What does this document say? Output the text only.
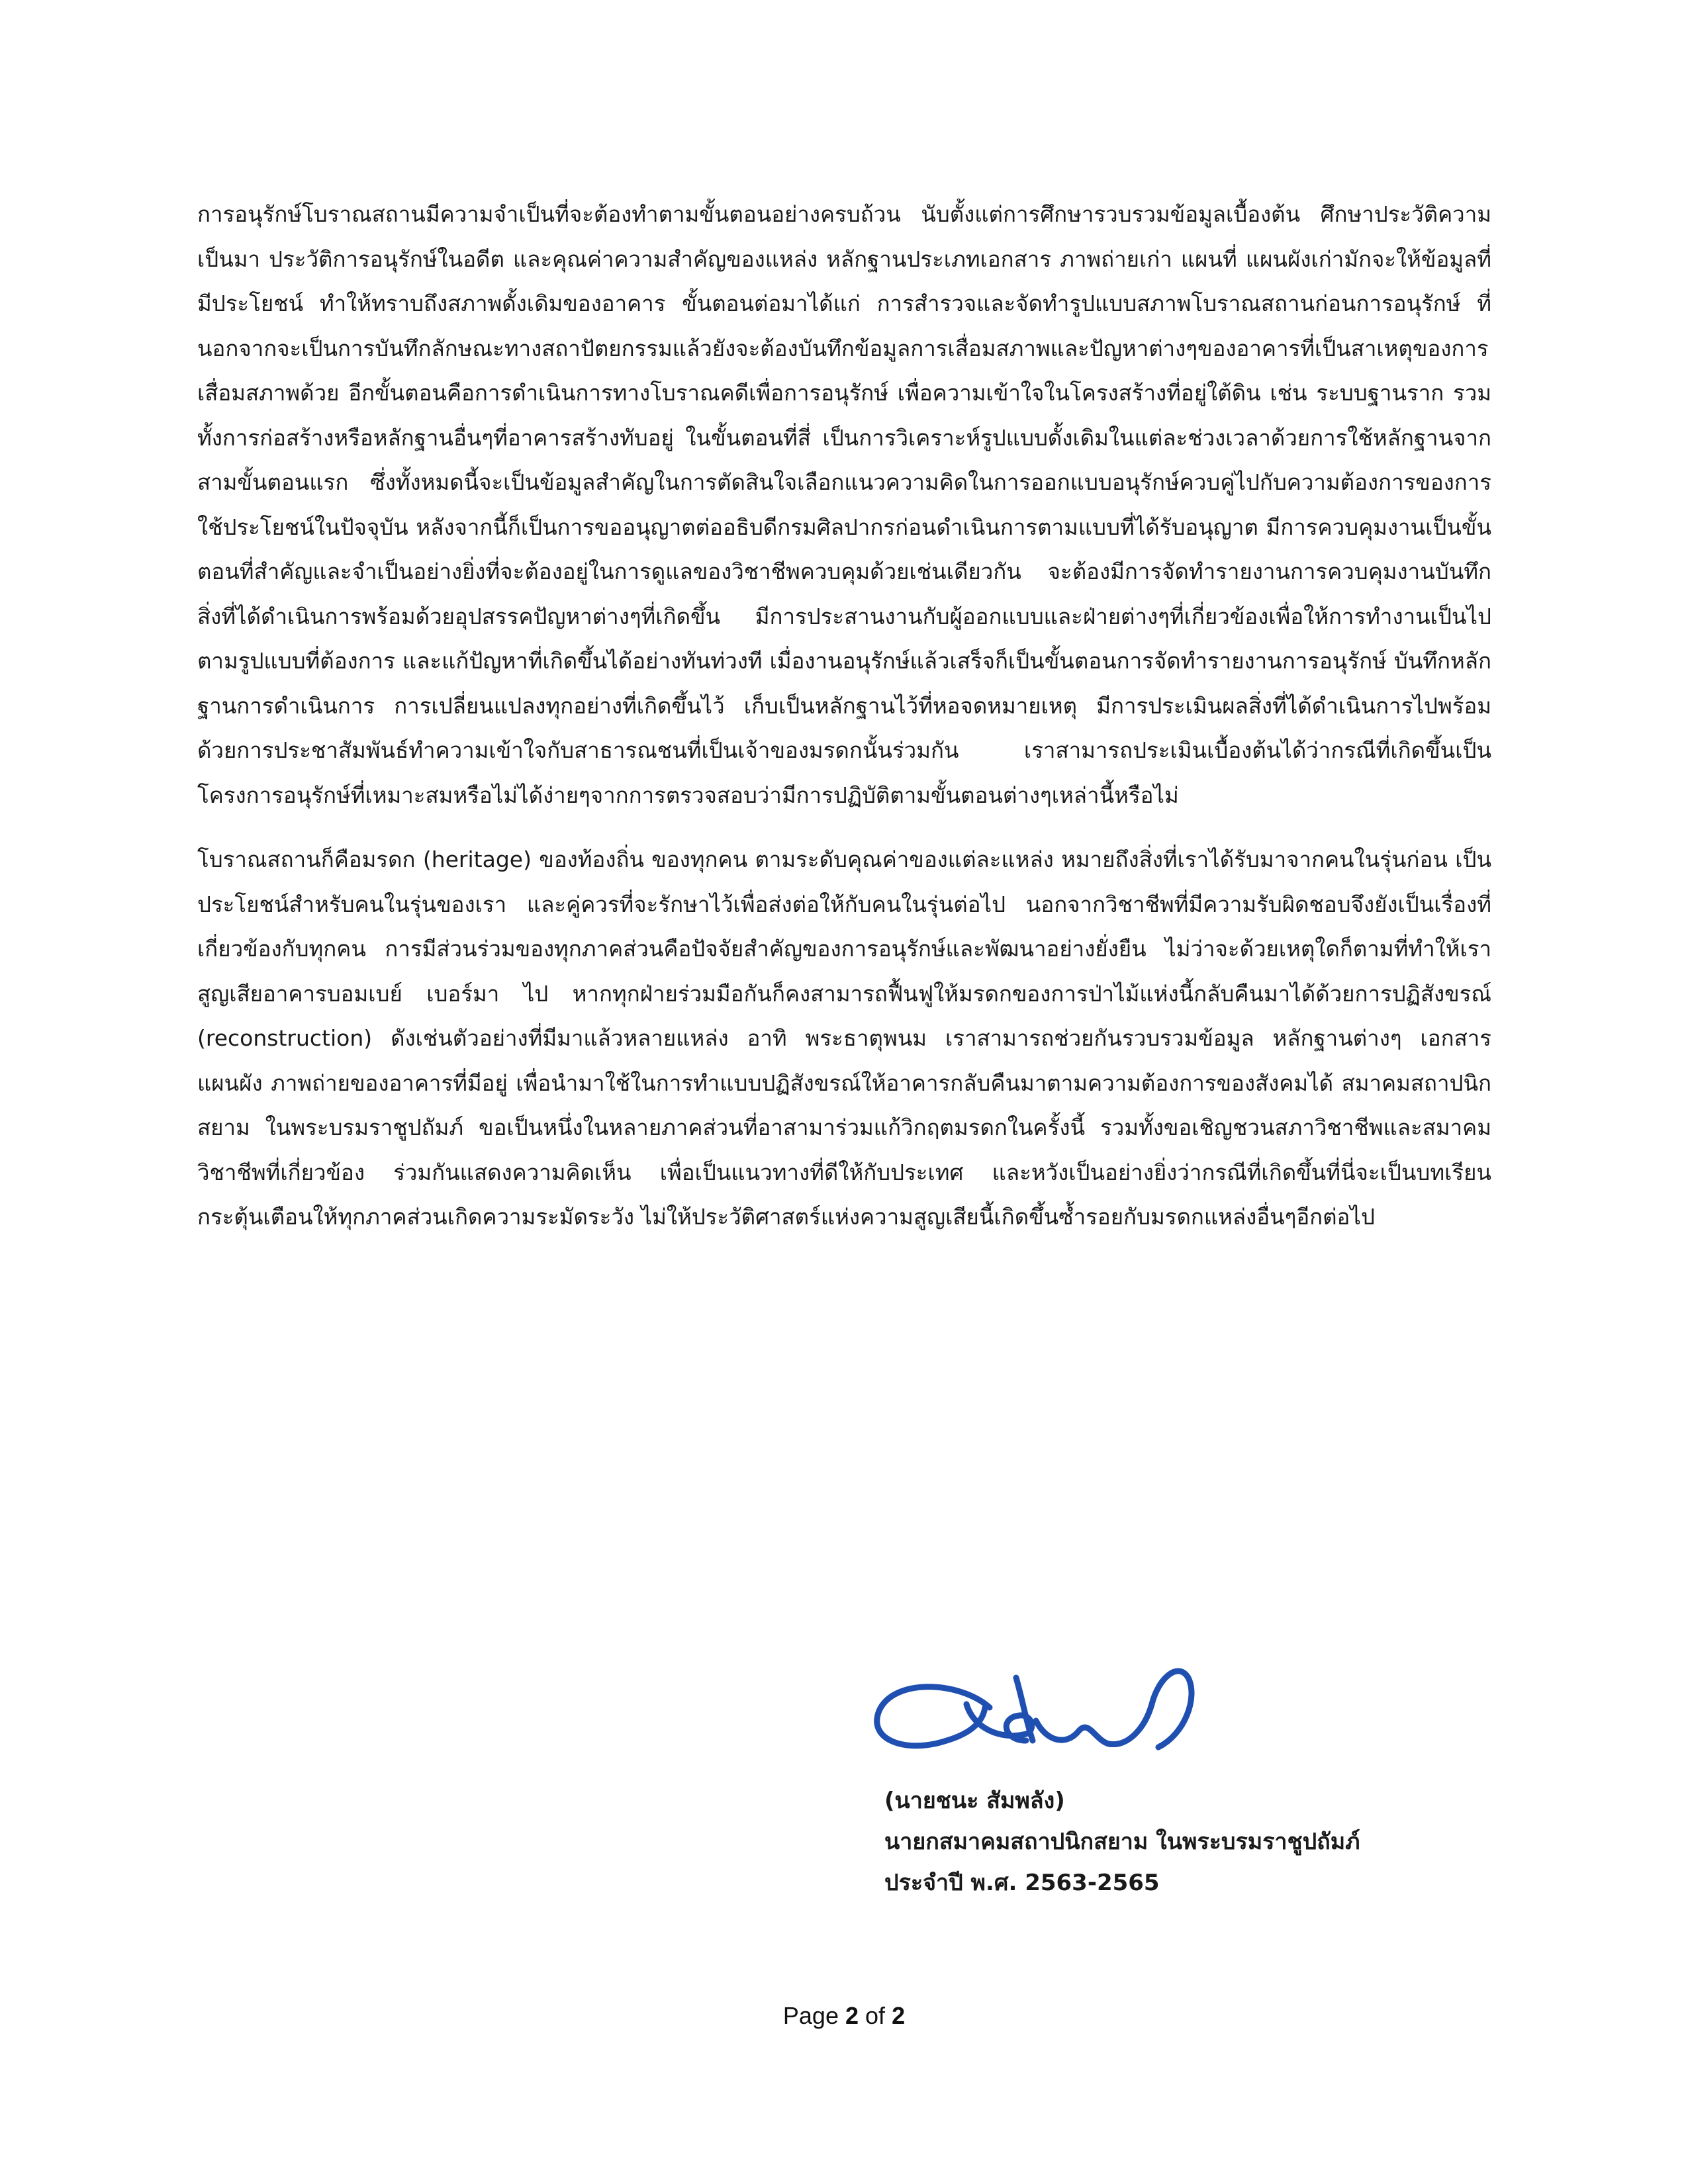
การอนุรักษ์โบราณสถานมีความจำเป็นที่จะต้องทำตามขั้นตอนอย่างครบถ้วน นับตั้งแต่การศึกษารวบรวมข้อมูลเบื้องต้น ศึกษาประวัติความเป็นมา ประวัติการอนุรักษ์ในอดีต และคุณค่าความสำคัญของแหล่ง หลักฐานประเภทเอกสาร ภาพถ่ายเก่า แผนที่ แผนผังเก่ามักจะให้ข้อมูลที่มีประโยชน์ ทำให้ทราบถึงสภาพดั้งเดิมของอาคาร ขั้นตอนต่อมาได้แก่ การสำรวจและจัดทำรูปแบบสภาพโบราณสถานก่อนการอนุรักษ์ ที่นอกจากจะเป็นการบันทึกลักษณะทางสถาปัตยกรรมแล้วยังจะต้องบันทึกข้อมูลการเสื่อมสภาพและปัญหาต่างๆของอาคารที่เป็นสาเหตุของการเสื่อมสภาพด้วย อีกขั้นตอนคือการดำเนินการทางโบราณคดีเพื่อการอนุรักษ์ เพื่อความเข้าใจในโครงสร้างที่อยู่ใต้ดิน เช่น ระบบฐานราก รวมทั้งการก่อสร้างหรือหลักฐานอื่นๆที่อาคารสร้างทับอยู่ ในขั้นตอนที่สี่ เป็นการวิเคราะห์รูปแบบดั้งเดิมในแต่ละช่วงเวลาด้วยการใช้หลักฐานจากสามขั้นตอนแรก ซึ่งทั้งหมดนี้จะเป็นข้อมูลสำคัญในการตัดสินใจเลือกแนวความคิดในการออกแบบอนุรักษ์ควบคู่ไปกับความต้องการของการใช้ประโยชน์ในปัจจุบัน หลังจากนี้ก็เป็นการขออนุญาตต่ออธิบดีกรมศิลปากรก่อนดำเนินการตามแบบที่ได้รับอนุญาต มีการควบคุมงานเป็นขั้นตอนที่สำคัญและจำเป็นอย่างยิ่งที่จะต้องอยู่ในการดูแลของวิชาชีพควบคุมด้วยเช่นเดียวกัน จะต้องมีการจัดทำรายงานการควบคุมงานบันทึกสิ่งที่ได้ดำเนินการพร้อมด้วยอุปสรรคปัญหาต่างๆที่เกิดขึ้น มีการประสานงานกับผู้ออกแบบและฝ่ายต่างๆที่เกี่ยวข้องเพื่อให้การทำงานเป็นไปตามรูปแบบที่ต้องการ และแก้ปัญหาที่เกิดขึ้นได้อย่างทันท่วงที เมื่องานอนุรักษ์แล้วเสร็จก็เป็นขั้นตอนการจัดทำรายงานการอนุรักษ์ บันทึกหลักฐานการดำเนินการ การเปลี่ยนแปลงทุกอย่างที่เกิดขึ้นไว้ เก็บเป็นหลักฐานไว้ที่หอจดหมายเหตุ มีการประเมินผลสิ่งที่ได้ดำเนินการไปพร้อมด้วยการประชาสัมพันธ์ทำความเข้าใจกับสาธารณชนที่เป็นเจ้าของมรดกนั้นร่วมกัน เราสามารถประเมินเบื้องต้นได้ว่ากรณีที่เกิดขึ้นเป็นโครงการอนุรักษ์ที่เหมาะสมหรือไม่ได้ง่ายๆจากการตรวจสอบว่ามีการปฏิบัติตามขั้นตอนต่างๆเหล่านี้หรือไม่

โบราณสถานก็คือมรดก (heritage) ของท้องถิ่น ของทุกคน ตามระดับคุณค่าของแต่ละแหล่ง หมายถึงสิ่งที่เราได้รับมาจากคนในรุ่นก่อน เป็นประโยชน์สำหรับคนในรุ่นของเรา และคู่ควรที่จะรักษาไว้เพื่อส่งต่อให้กับคนในรุ่นต่อไป นอกจากวิชาชีพที่มีความรับผิดชอบจึงยังเป็นเรื่องที่เกี่ยวข้องกับทุกคน การมีส่วนร่วมของทุกภาคส่วนคือปัจจัยสำคัญของการอนุรักษ์และพัฒนาอย่างยั่งยืน ไม่ว่าจะด้วยเหตุใดก็ตามที่ทำให้เราสูญเสียอาคารบอมเบย์ เบอร์มา ไป หากทุกฝ่ายร่วมมือกันก็คงสามารถฟื้นฟูให้มรดกของการป่าไม้แห่งนี้กลับคืนมาได้ด้วยการปฏิสังขรณ์ (reconstruction) ดังเช่นตัวอย่างที่มีมาแล้วหลายแหล่ง อาทิ พระธาตุพนม เราสามารถช่วยกันรวบรวมข้อมูล หลักฐานต่างๆ เอกสาร แผนผัง ภาพถ่ายของอาคารที่มีอยู่ เพื่อนำมาใช้ในการทำแบบปฏิสังขรณ์ให้อาคารกลับคืนมาตามความต้องการของสังคมได้ สมาคมสถาปนิกสยาม ในพระบรมราชูปถัมภ์ ขอเป็นหนึ่งในหลายภาคส่วนที่อาสามาร่วมแก้วิกฤตมรดกในครั้งนี้ รวมทั้งขอเชิญชวนสภาวิชาชีพและสมาคมวิชาชีพที่เกี่ยวข้อง ร่วมกันแสดงความคิดเห็น เพื่อเป็นแนวทางที่ดีให้กับประเทศ และหวังเป็นอย่างยิ่งว่ากรณีที่เกิดขึ้นที่นี่จะเป็นบทเรียน กระตุ้นเตือนให้ทุกภาคส่วนเกิดความระมัดระวัง ไม่ให้ประวัติศาสตร์แห่งความสูญเสียนี้เกิดขึ้นซ้ำรอยกับมรดกแหล่งอื่นๆอีกต่อไป

(นายชนะ สัมพลัง)
นายกสมาคมสถาปนิกสยาม ในพระบรมราชูปถัมภ์
ประจำปี พ.ศ. 2563-2565
Page 2 of 2
